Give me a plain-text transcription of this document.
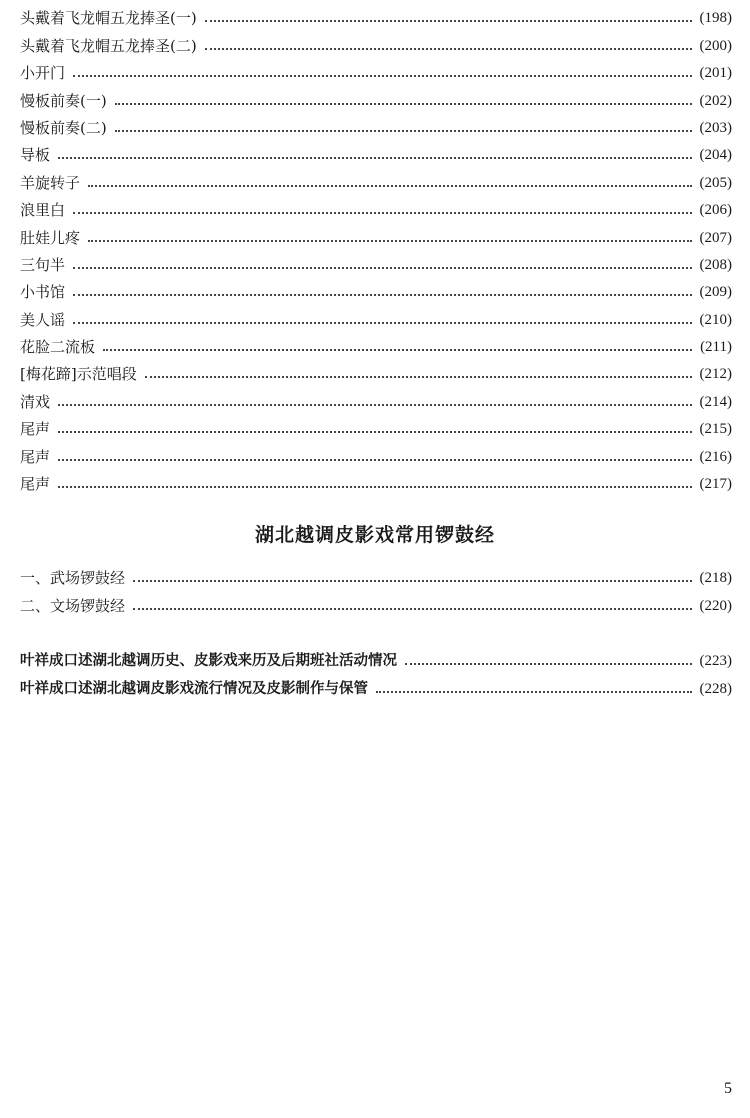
头戴着飞龙帽五龙捧圣(一)	(198)
头戴着飞龙帽五龙捧圣(二)	(200)
小开门	(201)
慢板前奏(一)	(202)
慢板前奏(二)	(203)
导板	(204)
羊旋转子	(205)
浪里白	(206)
肚娃儿疼	(207)
三句半	(208)
小书馆	(209)
美人谣	(210)
花脸二流板	(211)
[梅花蹄]示范唱段	(212)
清戏	(214)
尾声	(215)
尾声	(216)
尾声	(217)
湖北越调皮影戏常用锣鼓经
一、武场锣鼓经	(218)
二、文场锣鼓经	(220)
叶祥成口述湖北越调历史、皮影戏来历及后期班社活动情况	(223)
叶祥成口述湖北越调皮影戏流行情况及皮影制作与保管	(228)
5
